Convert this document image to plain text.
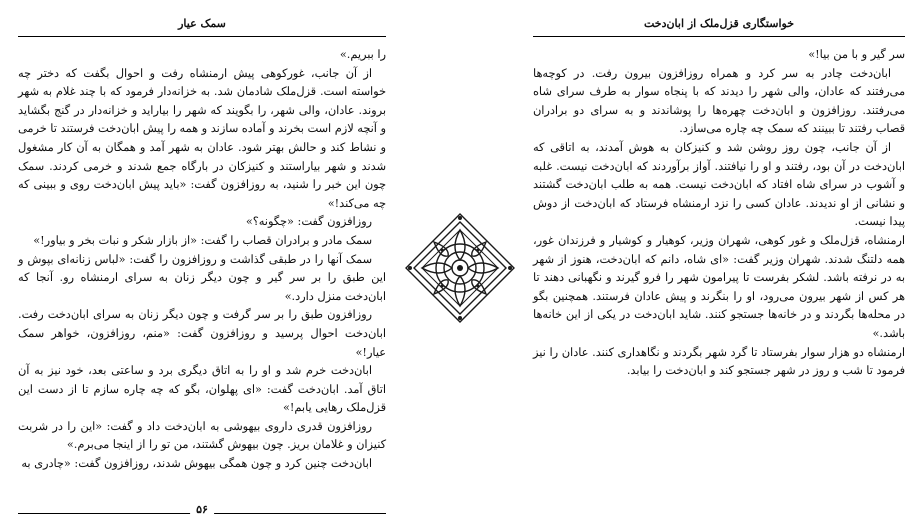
سمک عیار

را ببریم.»

از آن جانب، غورکوهی پیش ارمنشاه رفت و احوال بگفت که دختر چه خواسته است. قزل‌ملک شادمان شد. به خزانه‌دار فرمود که با چند غلام به شهر بروند. عادان، والی شهر، را بگویند که شهر را بیاراید و خزانه‌دار در گنج بگشاید و آنچه لازم است بخرند و آماده سازند و همه را پیش ابان‌دخت فرستند تا خرمی و نشاط کند و حالش بهتر شود. عادان به شهر آمد و همگان به آن کار مشغول شدند و شهر بیاراستند و کنیزکان در بارگاه جمع شدند و خرمی کردند. سمک چون این خبر را شنید، به روزافزون گفت: «باید پیش ابان‌دخت روی و ببینی که چه می‌کند!»

روزافزون گفت: «چگونه؟»

سمک مادر و برادران قصاب را گفت: «از بازار شکر و نبات بخر و بیاور!»

سمک آنها را در طبقی گذاشت و روزافزون را گفت: «لباس زنانه‌ای بپوش و این طبق را بر سر گیر و چون دیگر زنان به سرای ارمنشاه رو. آنجا که ابان‌دخت منزل دارد.»

روزافزون طبق را بر سر گرفت و چون دیگر زنان به سرای ابان‌دخت رفت. ابان‌دخت احوال پرسید و روزافزون گفت: «منم، روزافزون، خواهر سمک عیار!»

ابان‌دخت خرم شد و او را به اتاق دیگری برد و ساعتی بعد، خود نیز به آن اتاق آمد. ابان‌دخت گفت: «ای پهلوان، بگو که چه چاره سازم تا از دست این قزل‌ملک رهایی یابم!»

روزافزون قدری داروی بیهوشی به ابان‌دخت داد و گفت: «این را در شربت کنیزان و غلامان بریز. چون بیهوش گشتند، من تو را از اینجا می‌برم.»

ابان‌دخت چنین کرد و چون همگی بیهوش شدند، روزافزون گفت: «چادری به

۵۶
خواستگاری قزل‌ملک از ابان‌دخت

سر گیر و با من بیا!»

ابان‌دخت چادر به سر کرد و همراه روزافزون بیرون رفت. در کوچه‌ها می‌رفتند که عادان، والی شهر را دیدند که با پنجاه سوار به طرف سرای شاه می‌رفتند. روزافزون و ابان‌دخت چهره‌ها را پوشاندند و به سرای دو برادران قصاب رفتند تا ببینند که سمک چه چاره می‌سازد.

از آن جانب، چون روز روشن شد و کنیزکان به هوش آمدند، به اتاقی که ابان‌دخت در آن بود، رفتند و او را نیافتند. آواز برآوردند که ابان‌دخت نیست. غلبه و آشوب در سرای شاه افتاد که ابان‌دخت نیست. همه به طلب ابان‌دخت گشتند و نشانی از او ندیدند. عادان کسی را نزد ارمنشاه فرستاد که ابان‌دخت از دوش پیدا نیست.

ارمنشاه، قزل‌ملک و غور کوهی، شهران وزیر، کوهیار و کوشیار و فرزندان غور، همه دلتنگ شدند. شهران وزیر گفت: «ای شاه، دانم که ابان‌دخت، هنوز از شهر به در نرفته باشد. لشکر بفرست تا پیرامون شهر را فرو گیرند و نگهبانی دهند تا هر کس از شهر بیرون می‌رود، او را بنگرند و پیش عادان فرستند. همچنین بگو در محله‌ها بگردند و در خانه‌ها جستجو کنند. شاید ابان‌دخت در یکی از این خانه‌ها باشد.»

ارمنشاه دو هزار سوار بفرستاد تا گرد شهر بگردند و نگاهداری کنند. عادان را نیز فرمود تا شب و روز در شهر جستجو کند و ابان‌دخت را بیابد.
